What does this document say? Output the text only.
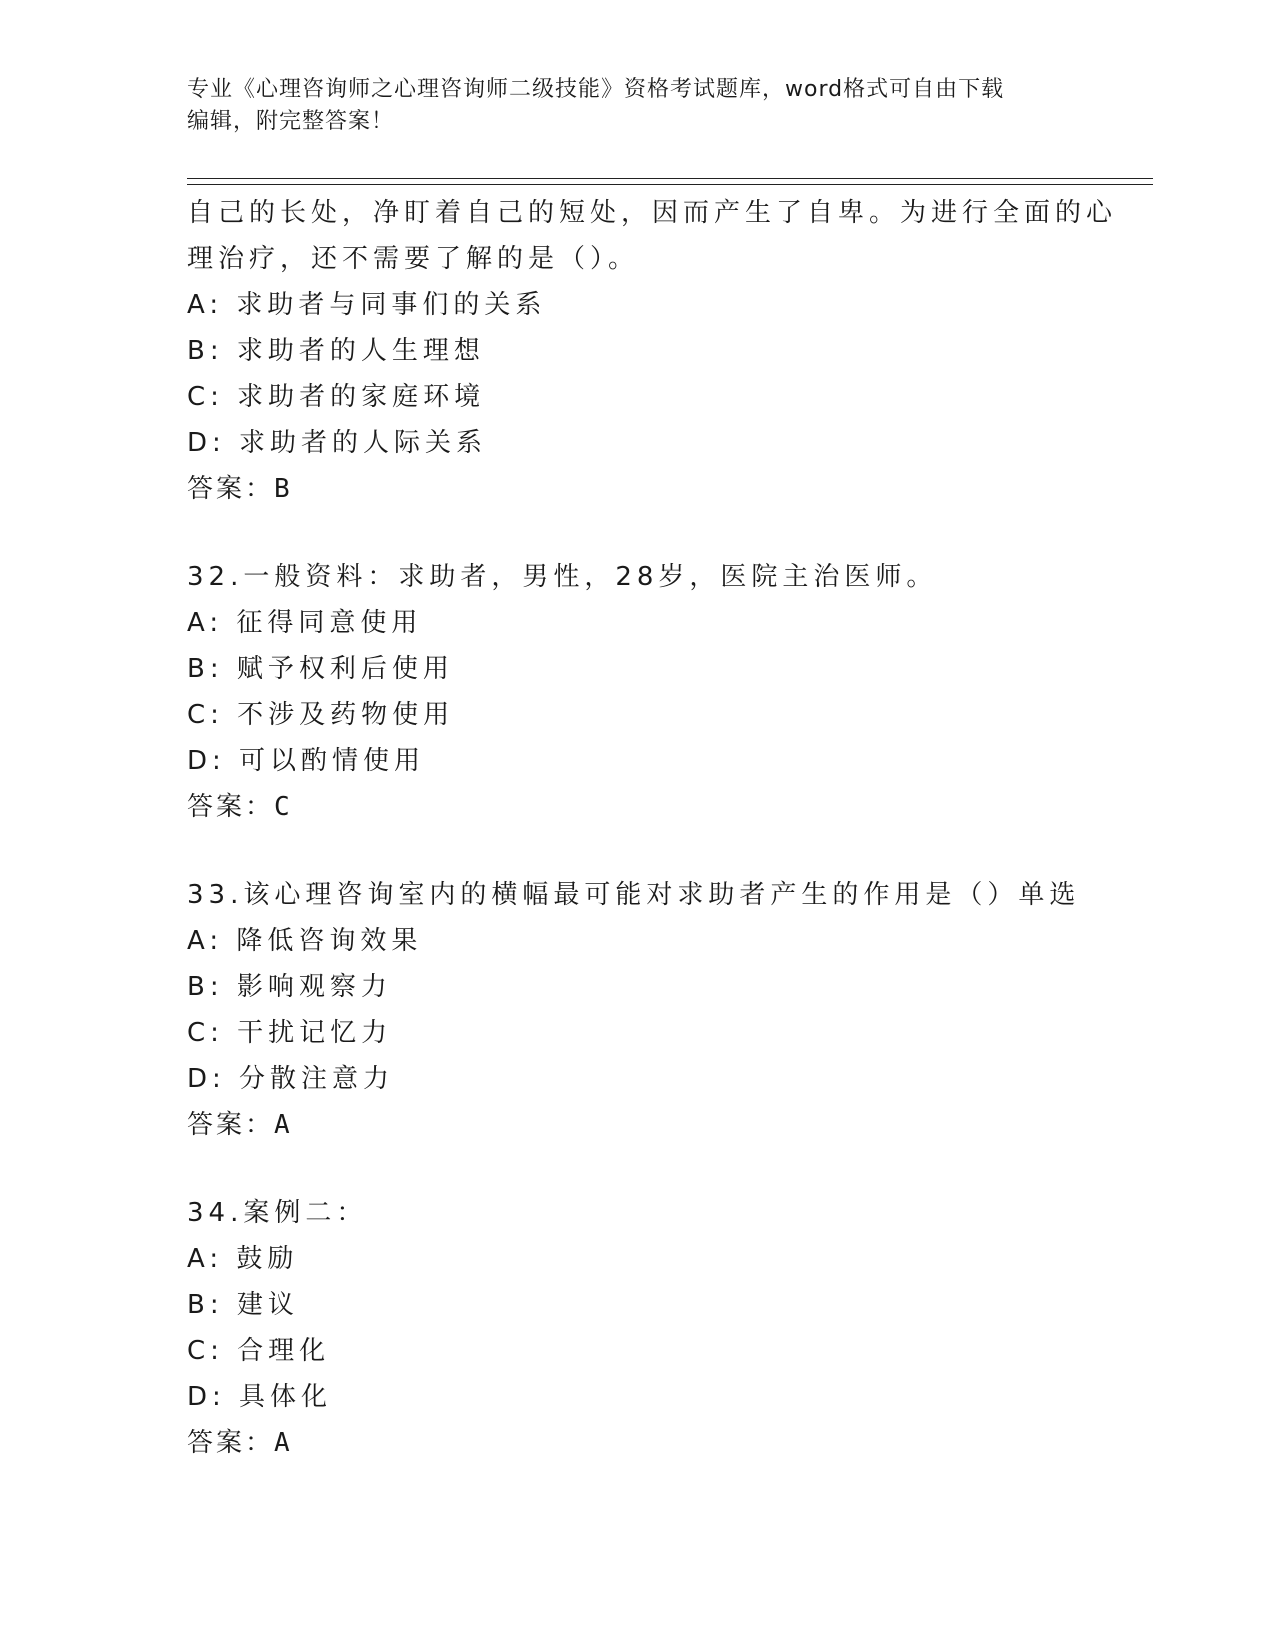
专业《心理咨询师之心理咨询师二级技能》资格考试题库，word格式可自由下载
编辑，附完整答案！
自己的长处，净盯着自己的短处，因而产生了自卑。为进行全面的心
理治疗，还不需要了解的是（）。
A: 求助者与同事们的关系
B: 求助者的人生理想
C: 求助者的家庭环境
D: 求助者的人际关系
答案：B
32.一般资料：求助者，男性，28岁，医院主治医师。
A: 征得同意使用
B: 赋予权利后使用
C: 不涉及药物使用
D: 可以酌情使用
答案：C
33.该心理咨询室内的横幅最可能对求助者产生的作用是（）单选
A: 降低咨询效果
B: 影响观察力
C: 干扰记忆力
D: 分散注意力
答案：A
34.案例二：
A: 鼓励
B: 建议
C: 合理化
D: 具体化
答案：A
